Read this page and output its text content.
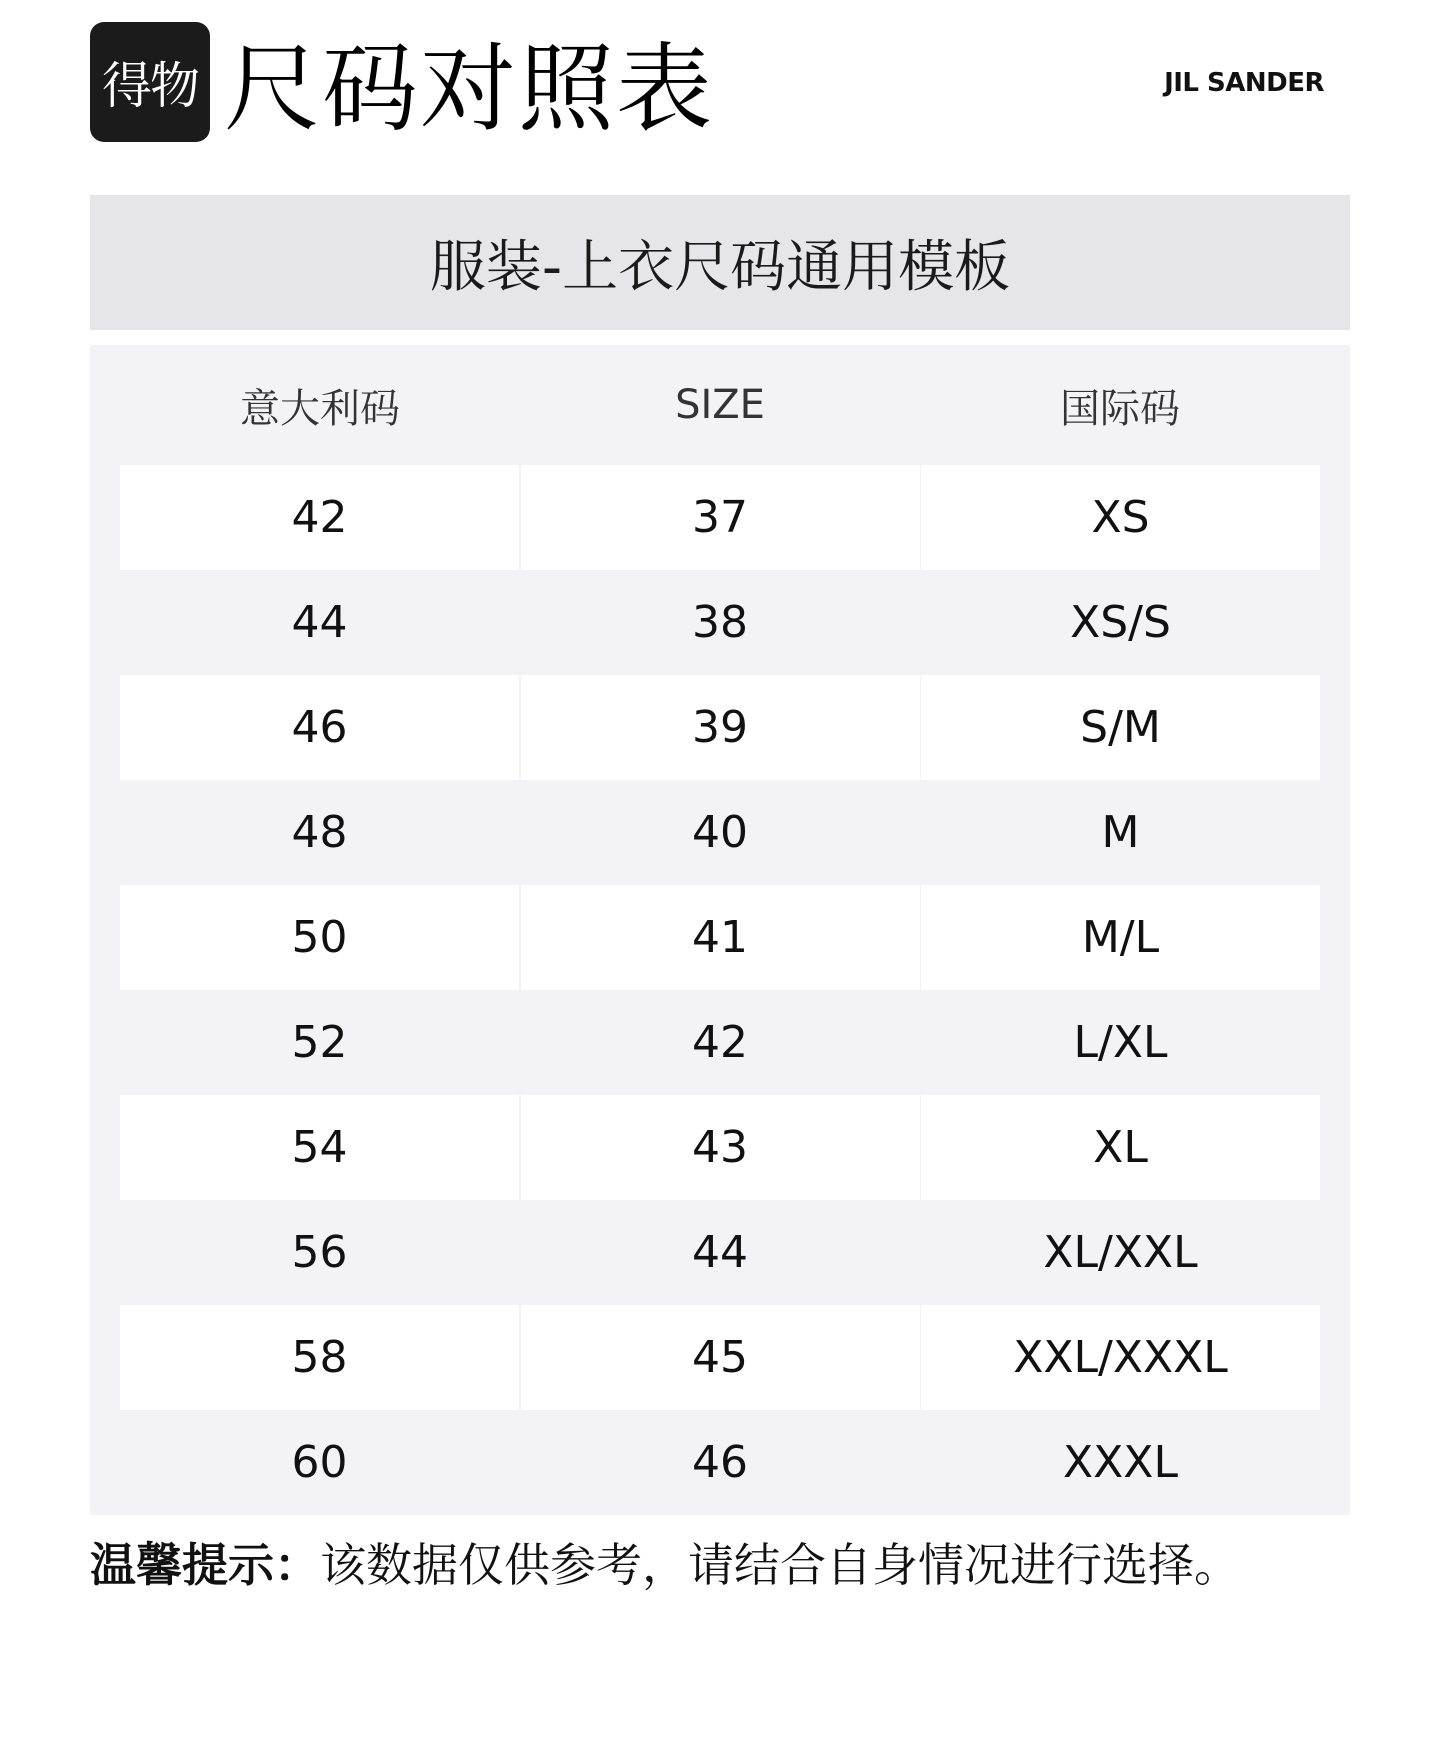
得物 尺码对照表	JIL SANDER
服装-上衣尺码通用模板
意大利码	SIZE	国际码
42	37	XS
44	38	XS/S
46	39	S/M
48	40	M
50	41	M/L
52	42	L/XL
54	43	XL
56	44	XL/XXL
58	45	XXL/XXXL
60	46	XXXL
温馨提示：该数据仅供参考，请结合自身情况进行选择。
